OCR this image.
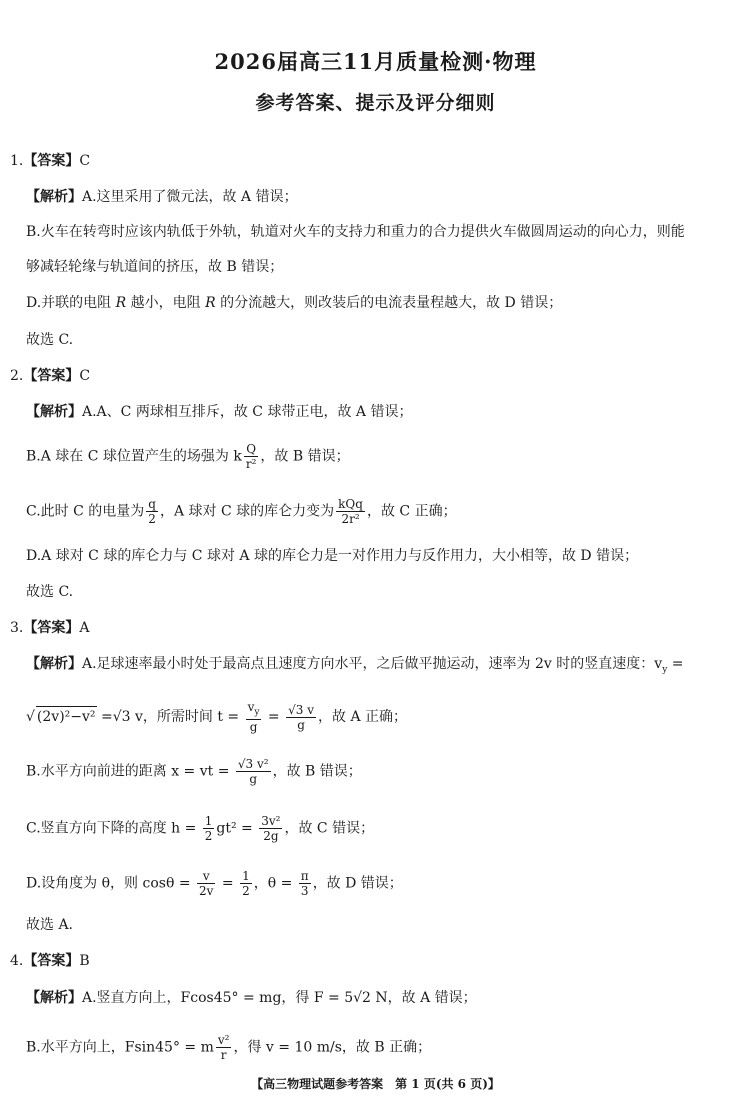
2026届高三11月质量检测·物理
参考答案、提示及评分细则
1.【答案】C
【解析】A.这里采用了微元法，故 A 错误；
B.火车在转弯时应该内轨低于外轨，轨道对火车的支持力和重力的合力提供火车做圆周运动的向心力，则能
够减轻轮缘与轨道间的挤压，故 B 错误；
D.并联的电阻 R 越小，电阻 R 的分流越大，则改装后的电流表量程越大，故 D 错误；
故选 C.
2.【答案】C
【解析】A.A、C 两球相互排斥，故 C 球带正电，故 A 错误；
B.A 球在 C 球位置产生的场强为 k $\frac{Q}{\text{r²}}$ ，故 B 错误；
C.此时 C 的电量为 $\frac{q}{2}$ ，A 球对 C 球的库仑力变为 $\frac{\text{kQq}}{\text{2r²}}$ ，故 C 正确；
D.A 球对 C 球的库仑力与 C 球对 A 球的库仑力是一对作用力与反作用力，大小相等，故 D 错误；
故选 C.
3.【答案】A
【解析】A.足球速率最小时处于最高点且速度方向水平，之后做平抛运动，速率为 2v 时的竖直速度：$v_y$ =
√ (2v)²−v² =√3 v，所需时间 $t = \frac{v_y}{g} = \frac{√3 v}{g}$ ，故 A 正确；
B.水平方向前进的距离 x = vt = $\frac{\text{√3 v²}}{g}$ ，故 B 错误；
C.竖直方向下降的高度 $h = \frac{1}{2} gt^2 = \frac{\text{3v²}}{2g}$ ，故 C 错误；
D.设角度为 θ，则 $\cos\theta = \frac{v}{2v} = \frac{1}{2}$ ，$\theta = \frac{\pi}{3}$ ，故 D 错误；
故选 A.
4.【答案】B
【解析】A.竖直方向上，Fcos45° = mg，得 F = 5√2 N，故 A 错误；
B.水平方向上，Fsin45° = m $\frac{\text{v²}}{r}$ ，得 v = 10 m/s，故 B 正确；
【高三物理试题参考答案　第 1 页(共 6 页)】
